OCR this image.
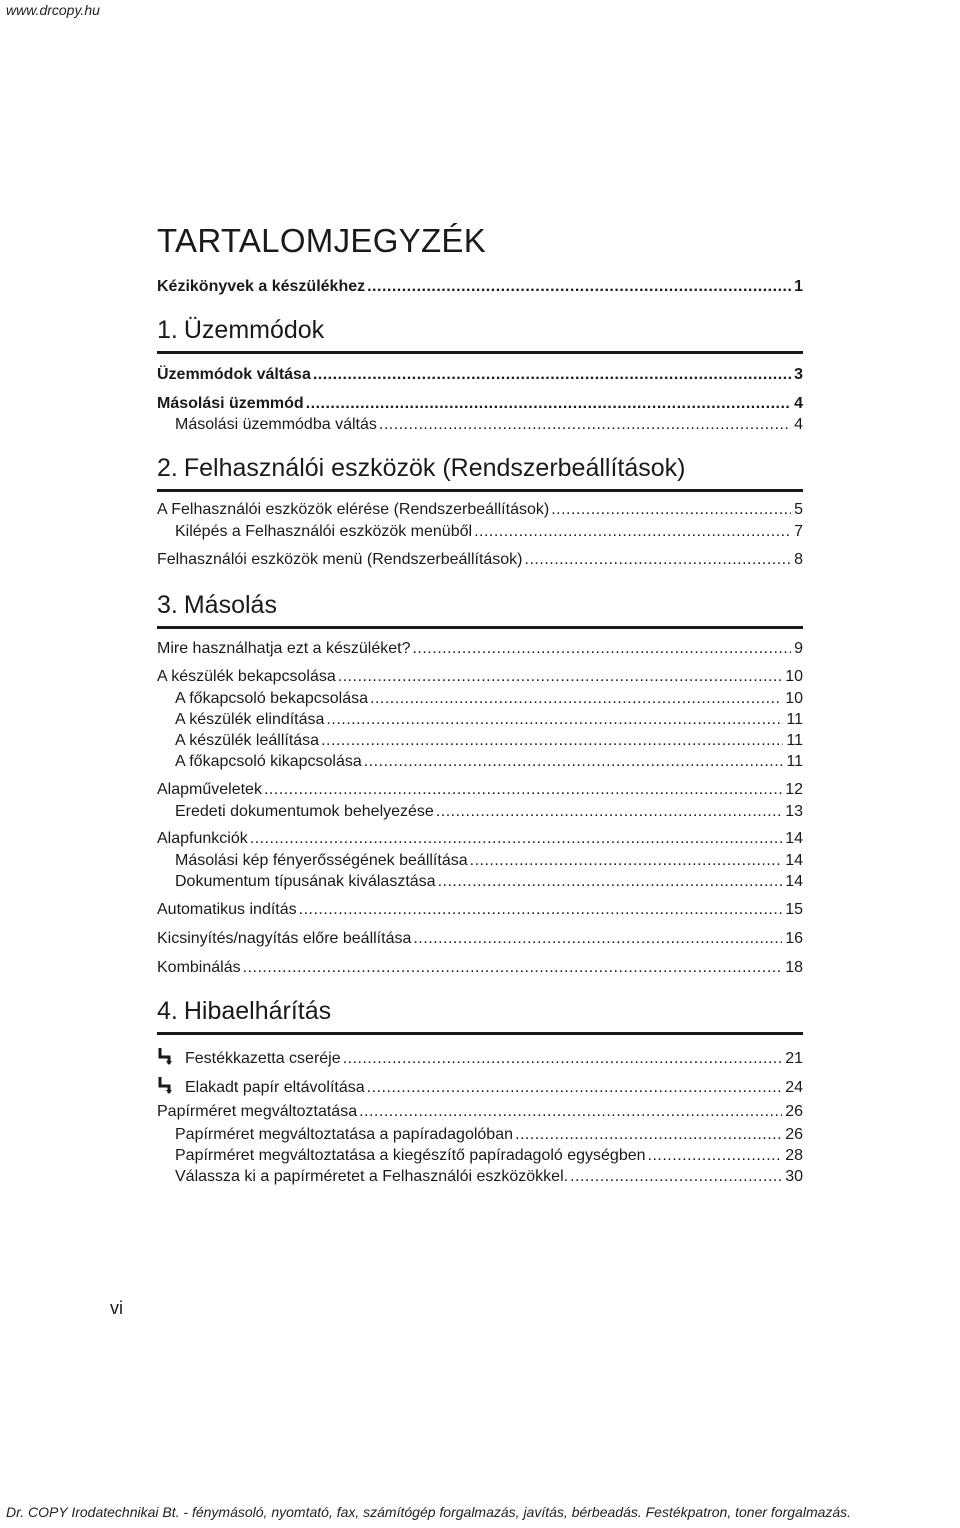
www.drcopy.hu
TARTALOMJEGYZÉK
Kézikönyvek a készülékhez .....	1
1. Üzemmódok
Üzemmódok váltása .....	3
Másolási üzemmód .....	4
Másolási üzemmódba váltás .....	4
2. Felhasználói eszközök (Rendszerbeállítások)
A Felhasználói eszközök elérése (Rendszerbeállítások) .....	5
Kilépés a Felhasználói eszközök menüből .....	7
Felhasználói eszközök menü (Rendszerbeállítások) .....	8
3. Másolás
Mire használhatja ezt a készüléket? .....	9
A készülék bekapcsolása .....	10
A főkapcsoló bekapcsolása .....	10
A készülék elindítása .....	11
A készülék leállítása .....	11
A főkapcsoló kikapcsolása .....	11
Alapműveletek .....	12
Eredeti dokumentumok behelyezése .....	13
Alapfunkciók .....	14
Másolási kép fényerősségének beállítása .....	14
Dokumentum típusának kiválasztása .....	14
Automatikus indítás .....	15
Kicsinyítés/nagyítás előre beállítása .....	16
Kombinálás .....	18
4. Hibaelhárítás
Festékkazetta cseréje .....	21
Elakadt papír eltávolítása .....	24
Papírméret megváltoztatása .....	26
Papírméret megváltoztatása a papíradagolóban .....	26
Papírméret megváltoztatása a kiegészítő papíradagoló egységben .....	28
Válassza ki a papírméretet a Felhasználói eszközökkel. .....	30
vi
Dr. COPY Irodatechnikai Bt. - fénymásoló, nyomtató, fax, számítógép forgalmazás, javítás, bérbeadás. Festékpatron, toner forgalmazás.
